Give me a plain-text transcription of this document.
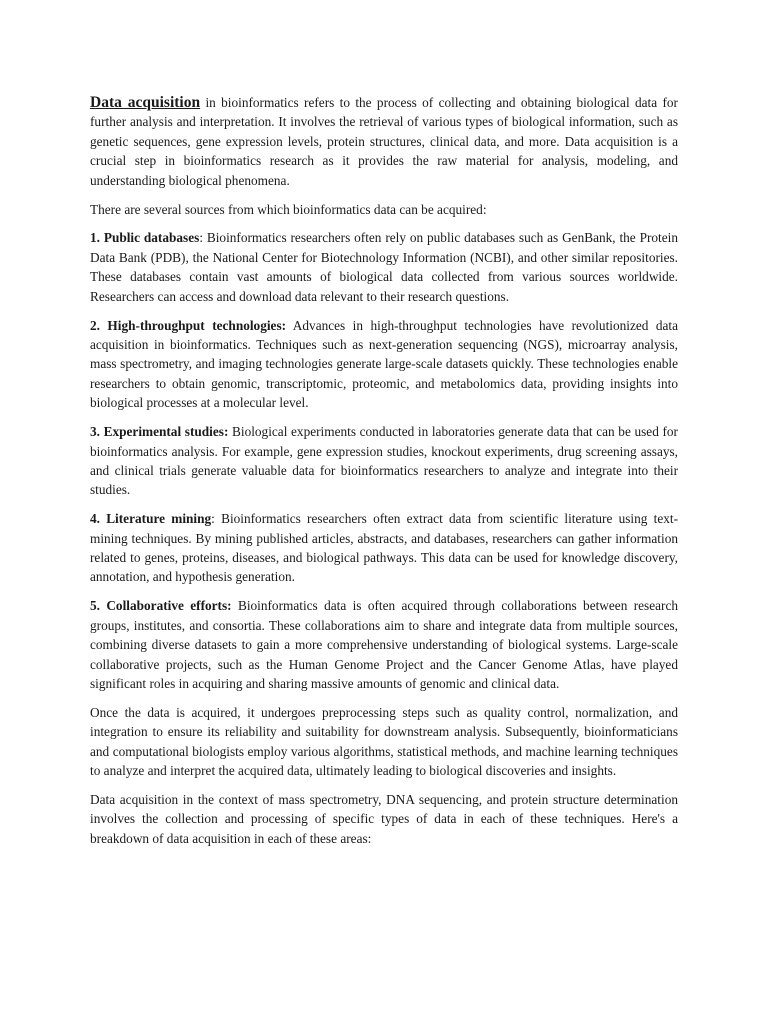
Data acquisition in bioinformatics refers to the process of collecting and obtaining biological data for further analysis and interpretation. It involves the retrieval of various types of biological information, such as genetic sequences, gene expression levels, protein structures, clinical data, and more. Data acquisition is a crucial step in bioinformatics research as it provides the raw material for analysis, modeling, and understanding biological phenomena.

There are several sources from which bioinformatics data can be acquired:

1. Public databases: Bioinformatics researchers often rely on public databases such as GenBank, the Protein Data Bank (PDB), the National Center for Biotechnology Information (NCBI), and other similar repositories. These databases contain vast amounts of biological data collected from various sources worldwide. Researchers can access and download data relevant to their research questions.

2. High-throughput technologies: Advances in high-throughput technologies have revolutionized data acquisition in bioinformatics. Techniques such as next-generation sequencing (NGS), microarray analysis, mass spectrometry, and imaging technologies generate large-scale datasets quickly. These technologies enable researchers to obtain genomic, transcriptomic, proteomic, and metabolomics data, providing insights into biological processes at a molecular level.

3. Experimental studies: Biological experiments conducted in laboratories generate data that can be used for bioinformatics analysis. For example, gene expression studies, knockout experiments, drug screening assays, and clinical trials generate valuable data for bioinformatics researchers to analyze and integrate into their studies.

4. Literature mining: Bioinformatics researchers often extract data from scientific literature using text-mining techniques. By mining published articles, abstracts, and databases, researchers can gather information related to genes, proteins, diseases, and biological pathways. This data can be used for knowledge discovery, annotation, and hypothesis generation.

5. Collaborative efforts: Bioinformatics data is often acquired through collaborations between research groups, institutes, and consortia. These collaborations aim to share and integrate data from multiple sources, combining diverse datasets to gain a more comprehensive understanding of biological systems. Large-scale collaborative projects, such as the Human Genome Project and the Cancer Genome Atlas, have played significant roles in acquiring and sharing massive amounts of genomic and clinical data.

Once the data is acquired, it undergoes preprocessing steps such as quality control, normalization, and integration to ensure its reliability and suitability for downstream analysis. Subsequently, bioinformaticians and computational biologists employ various algorithms, statistical methods, and machine learning techniques to analyze and interpret the acquired data, ultimately leading to biological discoveries and insights.

Data acquisition in the context of mass spectrometry, DNA sequencing, and protein structure determination involves the collection and processing of specific types of data in each of these techniques. Here's a breakdown of data acquisition in each of these areas:
